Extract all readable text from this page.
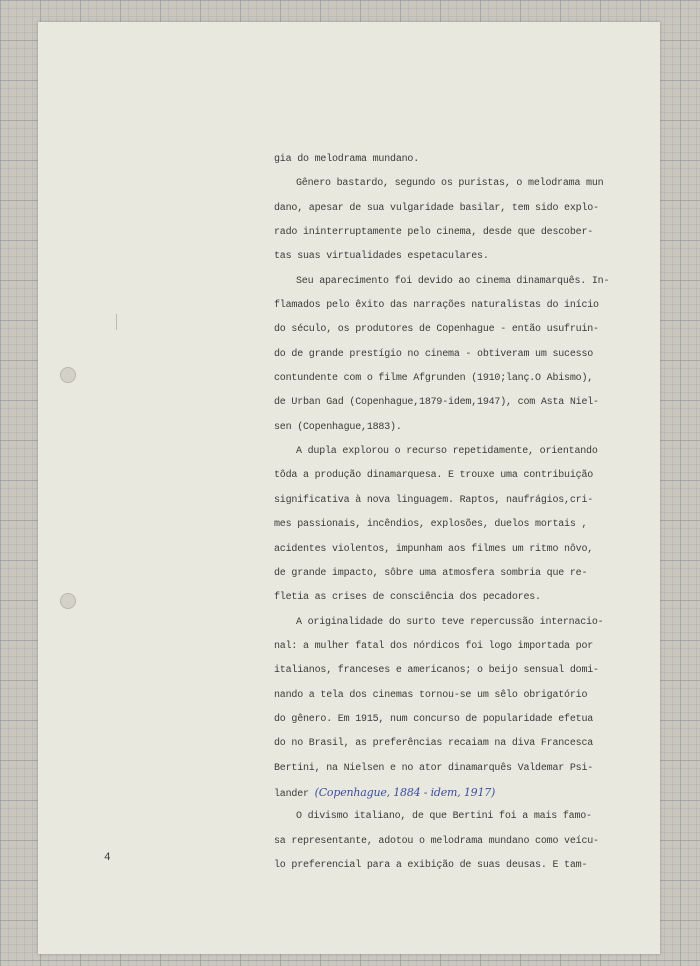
gia do melodrama mundano.
Gênero bastardo, segundo os puristas, o melodrama mun
dano, apesar de sua vulgaridade basilar, tem sido explo-
rado ininterruptamente pelo cinema, desde que descober-
tas suas virtualidades espetaculares.
Seu aparecimento foi devido ao cinema dinamarquês. In-
flamados pelo êxito das narrações naturalistas do início
do século, os produtores de Copenhague - então usufruin-
do de grande prestígio no cinema - obtiveram um sucesso
contundente com o filme Afgrunden (1910;lanç.O Abismo),
de Urban Gad (Copenhague,1879-idem,1947), com Asta Niel-
sen (Copenhague,1883).
A dupla explorou o recurso repetidamente, orientando
tôda a produção dinamarquesa. E trouxe uma contribuição
significativa à nova linguagem. Raptos, naufrágios,cri-
mes passionais, incêndios, explosões, duelos mortais ,
acidentes violentos, impunham aos filmes um ritmo nôvo,
de grande impacto, sôbre uma atmosfera sombria que re-
fletia as crises de consciência dos pecadores.
A originalidade do surto teve repercussão internacio-
nal: a mulher fatal dos nórdicos foi logo importada por
italianos, franceses e americanos; o beijo sensual domi-
nando a tela dos cinemas tornou-se um sêlo obrigatório
do gênero. Em 1915, num concurso de popularidade efetua
do no Brasil, as preferências recaiam na diva Francesca
Bertini, na Nielsen e no ator dinamarquês Valdemar Psi-
lander (Copenhague, 1884 - idem, 1917)
O divismo italiano, de que Bertini foi a mais famo-
sa representante, adotou o melodrama mundano como veícu-
lo preferencial para a exibição de suas deusas. E tam-
4
